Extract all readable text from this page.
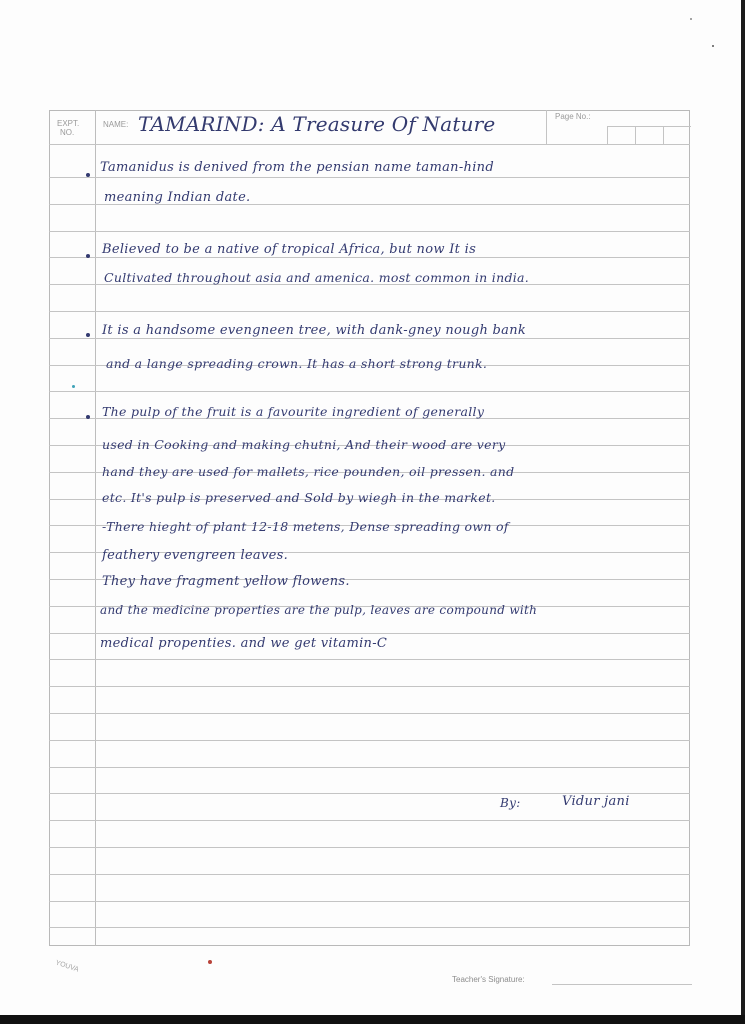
EXPT.
NO.
NAME: TAMARIND: A Treasure Of Nature	Page No.:
Tamanidus is denived from the pensian name taman-hind
meaning Indian date.
Believed to be a native of tropical Africa, but now It is
Cultivated throughout asia and amenica. most common in india.
It is a handsome evengneen tree, with dank-gney nough bank
and a lange spreading crown. It has a short strong trunk.
The pulp of the fruit is a favourite ingredient of generally
used in Cooking and making chutni, And their wood are very
hand they are used for mallets, rice pounden, oil pressen. and
etc. It's pulp is preserved and Sold by wiegh in the market.
-There hieght of plant 12-18 metens, Dense spreading own of
feathery evengreen leaves.
They have fragment yellow flowens.
and the medicine properties are the pulp, leaves are compound with
medical propenties. and we get vitamin-C
By:	Vidur jani
YOUVA
Teacher's Signature:
